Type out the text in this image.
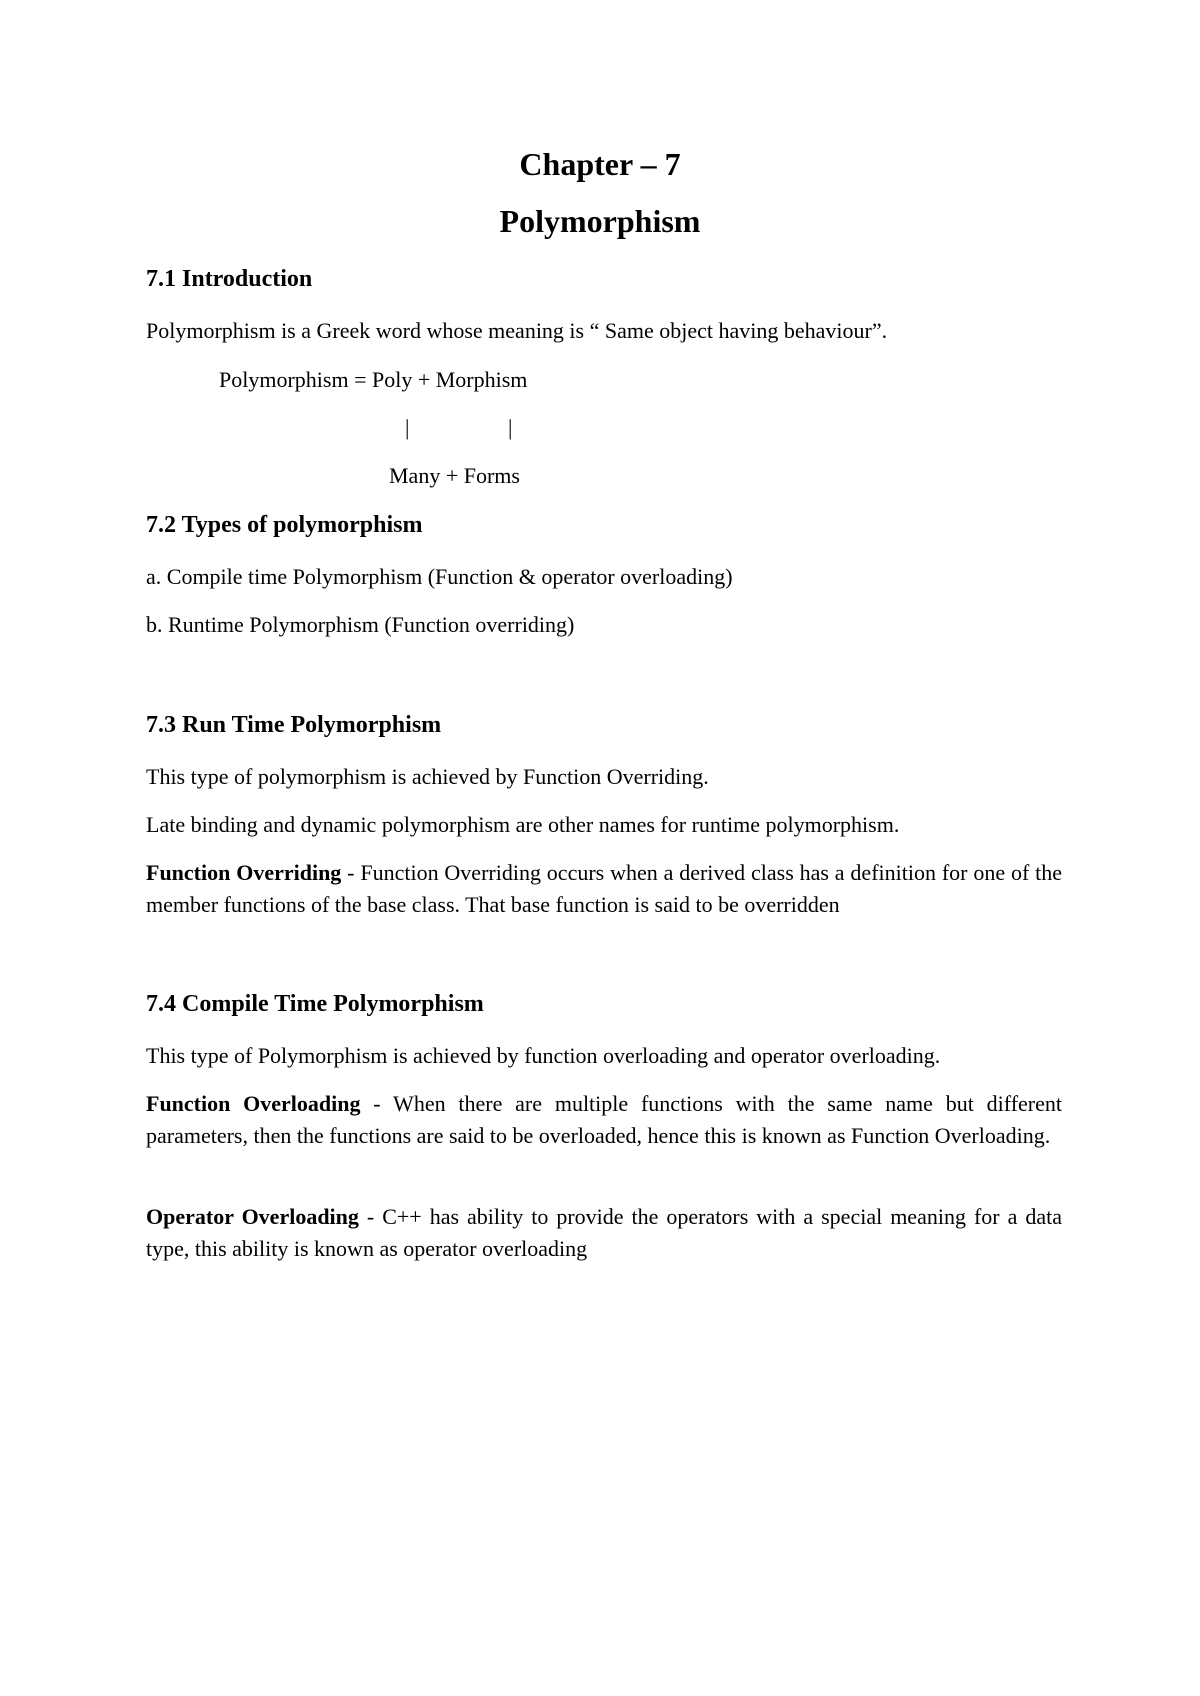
Chapter – 7
Polymorphism
7.1 Introduction
Polymorphism is a Greek word whose meaning is “ Same object having behaviour”.
Polymorphism = Poly + Morphism
|	|
Many + Forms
7.2 Types of polymorphism
a. Compile time Polymorphism (Function & operator overloading)
b. Runtime Polymorphism (Function overriding)
7.3 Run Time Polymorphism
This type of polymorphism is achieved by Function Overriding.
Late binding and dynamic polymorphism are other names for runtime polymorphism.
Function Overriding - Function Overriding occurs when a derived class has a definition for one of the member functions of the base class. That base function is said to be overridden
7.4 Compile Time Polymorphism
This type of Polymorphism is achieved by function overloading and operator overloading.
Function Overloading - When there are multiple functions with the same name but different parameters, then the functions are said to be overloaded, hence this is known as Function Overloading.
Operator Overloading - C++ has ability to provide the operators with a special meaning for a data type, this ability is known as operator overloading
